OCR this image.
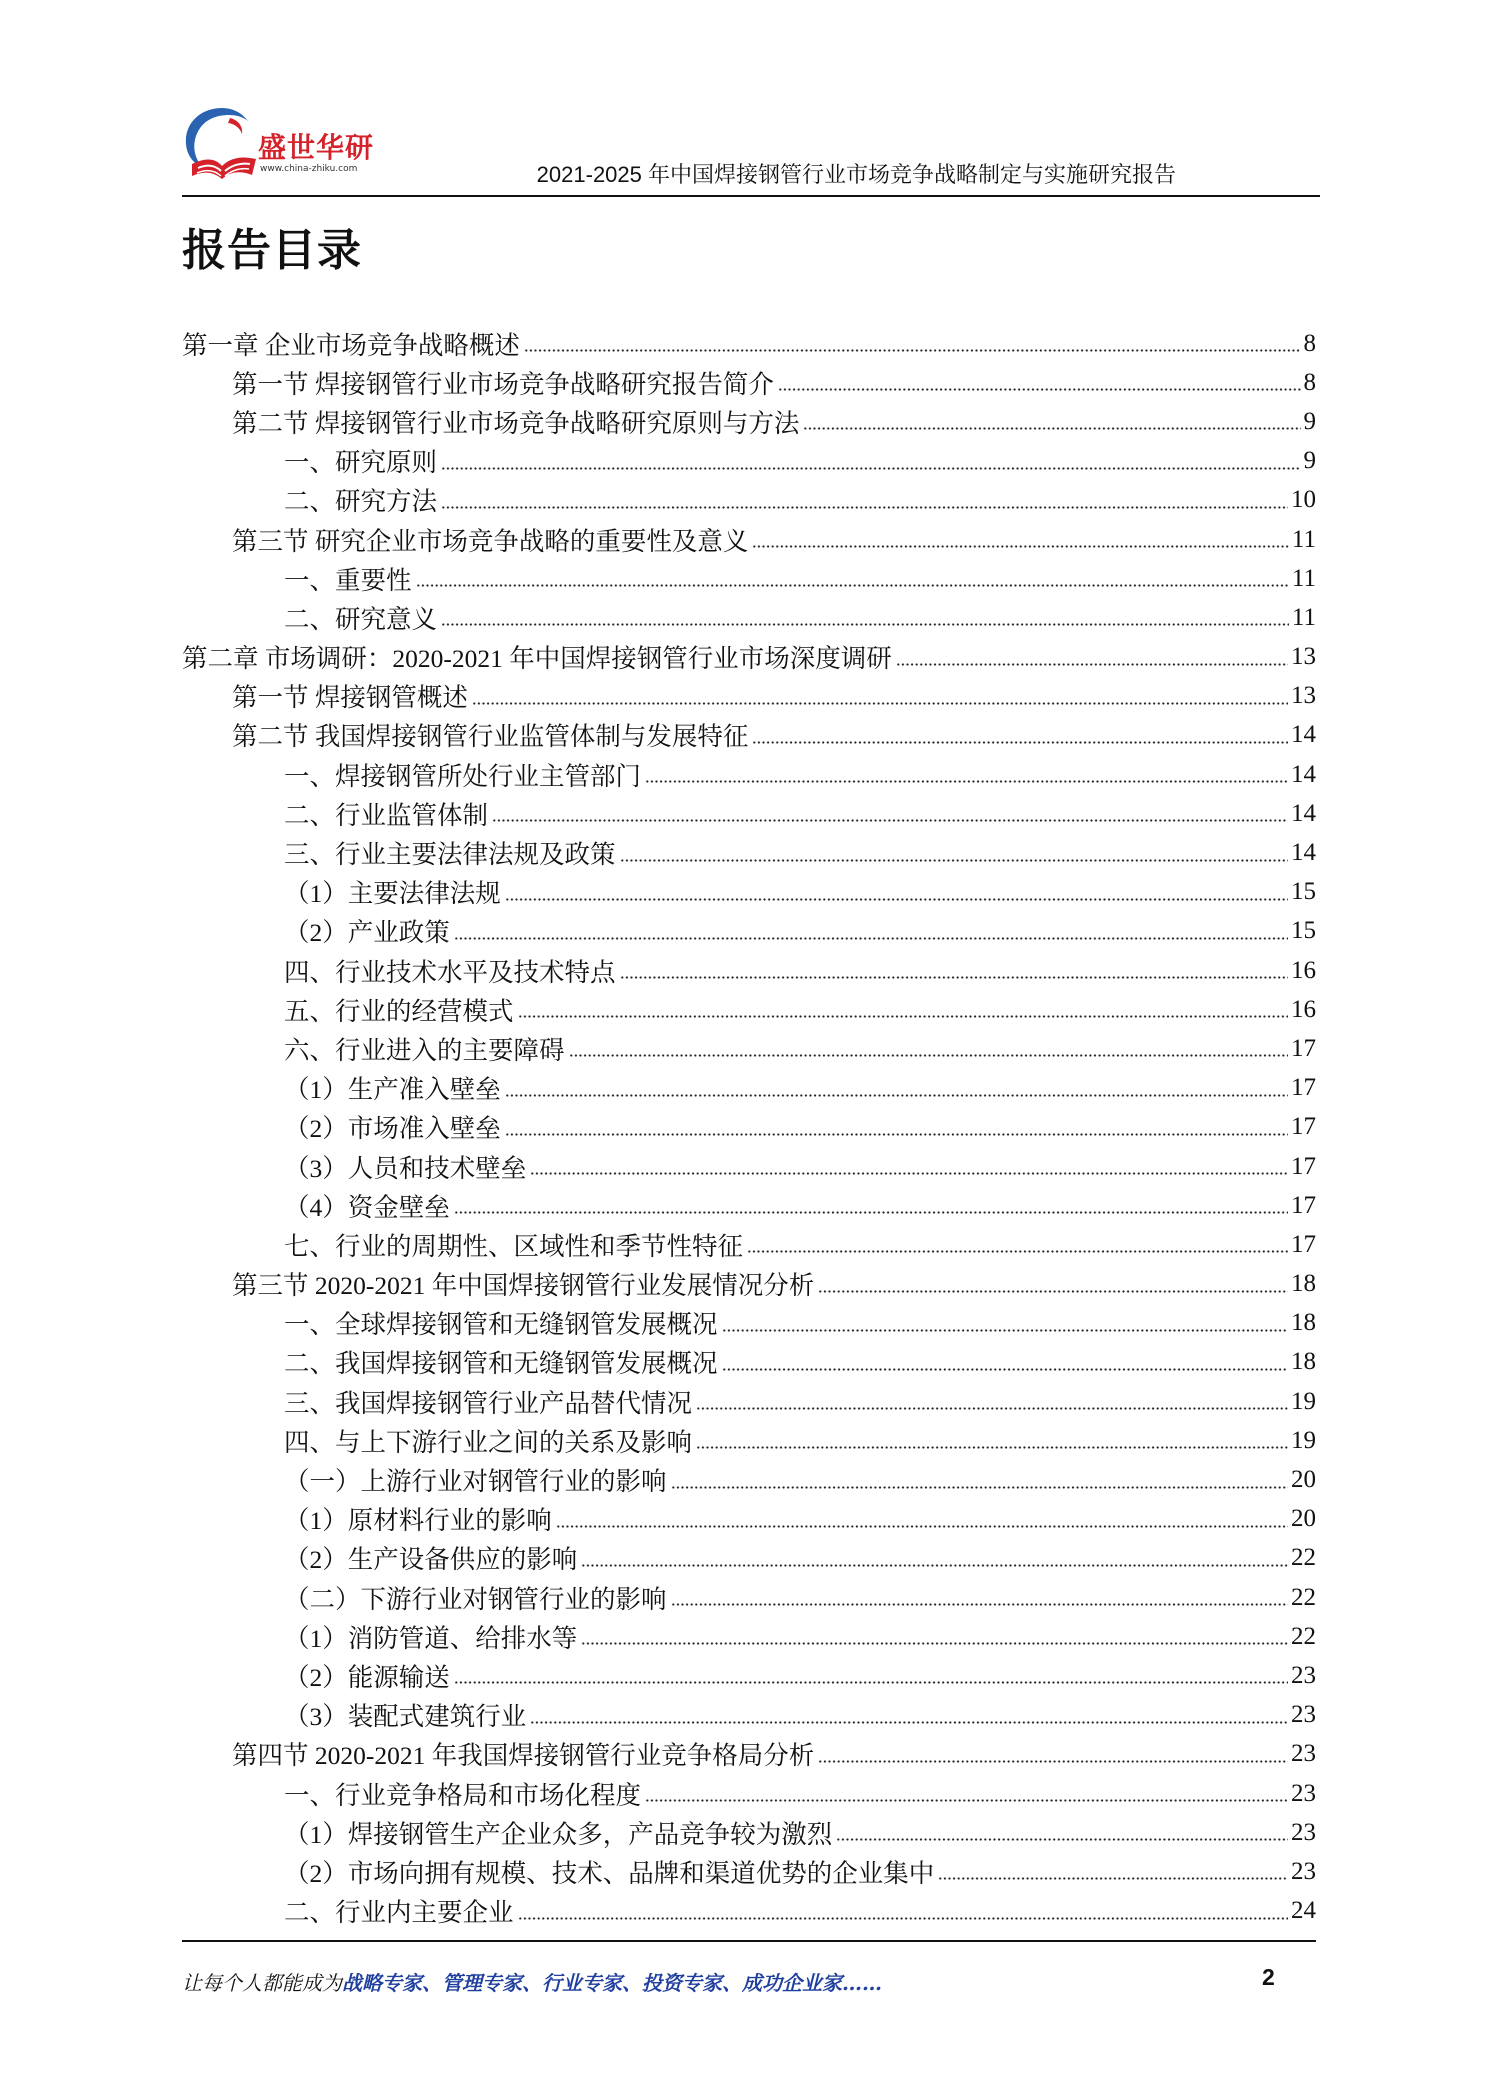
盛世华研
www.china-zhiku.com	2021-2025 年中国焊接钢管行业市场竞争战略制定与实施研究报告
报告目录
第一章 企业市场竞争战略概述	8
第一节 焊接钢管行业市场竞争战略研究报告简介	8
第二节 焊接钢管行业市场竞争战略研究原则与方法	9
一、研究原则	9
二、研究方法	10
第三节 研究企业市场竞争战略的重要性及意义	11
一、重要性	11
二、研究意义	11
第二章 市场调研：2020-2021 年中国焊接钢管行业市场深度调研	13
第一节 焊接钢管概述	13
第二节 我国焊接钢管行业监管体制与发展特征	14
一、焊接钢管所处行业主管部门	14
二、行业监管体制	14
三、行业主要法律法规及政策	14
（1）主要法律法规	15
（2）产业政策	15
四、行业技术水平及技术特点	16
五、行业的经营模式	16
六、行业进入的主要障碍	17
（1）生产准入壁垒	17
（2）市场准入壁垒	17
（3）人员和技术壁垒	17
（4）资金壁垒	17
七、行业的周期性、区域性和季节性特征	17
第三节 2020-2021 年中国焊接钢管行业发展情况分析	18
一、全球焊接钢管和无缝钢管发展概况	18
二、我国焊接钢管和无缝钢管发展概况	18
三、我国焊接钢管行业产品替代情况	19
四、与上下游行业之间的关系及影响	19
（一）上游行业对钢管行业的影响	20
（1）原材料行业的影响	20
（2）生产设备供应的影响	22
（二）下游行业对钢管行业的影响	22
（1）消防管道、给排水等	22
（2）能源输送	23
（3）装配式建筑行业	23
第四节 2020-2021 年我国焊接钢管行业竞争格局分析	23
一、行业竞争格局和市场化程度	23
（1）焊接钢管生产企业众多，产品竞争较为激烈	23
（2）市场向拥有规模、技术、品牌和渠道优势的企业集中	23
二、行业内主要企业	24
让每个人都能成为战略专家、管理专家、行业专家、投资专家、成功企业家……	2
